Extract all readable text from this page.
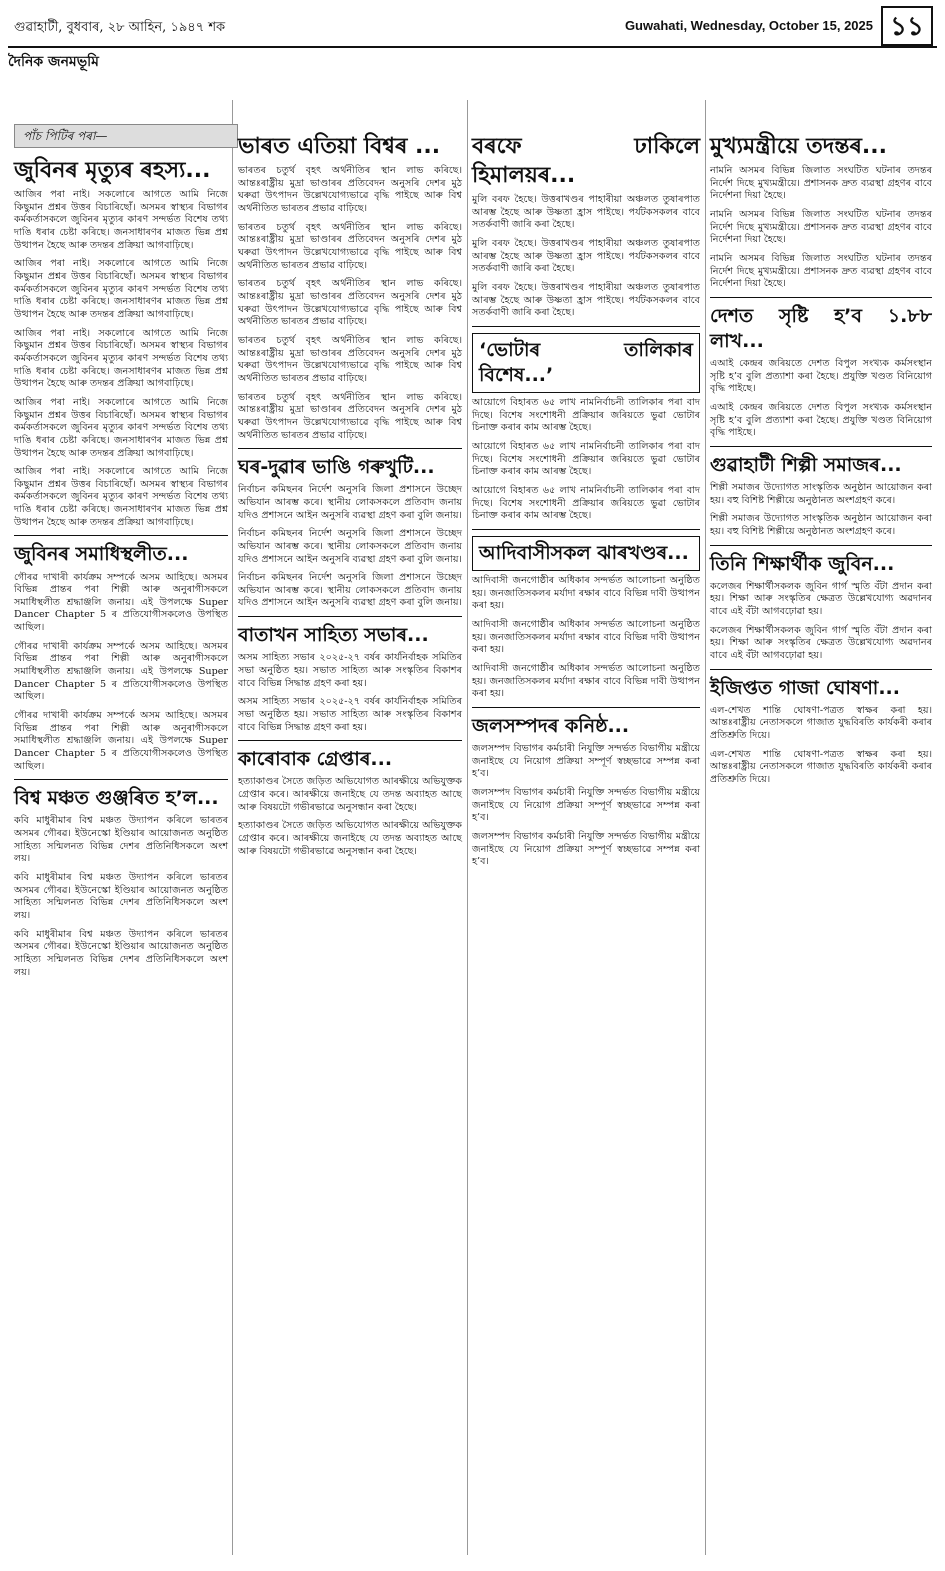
গুৱাহাটী, বুধবাৰ, ২৮ আহিন, ১৯৪৭ শক	Guwahati, Wednesday, October 15, 2025 ১১
দৈনিক জনমভূমি
পাঁচ পিটিৰ পৰা—
জুবিনৰ মৃত্যুৰ ৰহস্য...

আজিৰ পৰা নাই। সকলোৰে আগতে আমি নিজে কিছুমান প্ৰশ্নৰ উত্তৰ বিচাৰিছোঁ। অসমৰ স্বাস্থ্যৰ বিভাগৰ কৰ্মকৰ্তাসকলে জুবিনৰ মৃত্যুৰ কাৰণ সন্দৰ্ভত বিশেষ তথ্য দাঙি ধৰাৰ চেষ্টা কৰিছে। জনসাধাৰণৰ মাজত ভিন্ন প্ৰশ্ন উত্থাপন হৈছে আৰু তদন্তৰ প্ৰক্ৰিয়া আগবাঢ়িছে।

আজিৰ পৰা নাই। সকলোৰে আগতে আমি নিজে কিছুমান প্ৰশ্নৰ উত্তৰ বিচাৰিছোঁ। অসমৰ স্বাস্থ্যৰ বিভাগৰ কৰ্মকৰ্তাসকলে জুবিনৰ মৃত্যুৰ কাৰণ সন্দৰ্ভত বিশেষ তথ্য দাঙি ধৰাৰ চেষ্টা কৰিছে। জনসাধাৰণৰ মাজত ভিন্ন প্ৰশ্ন উত্থাপন হৈছে আৰু তদন্তৰ প্ৰক্ৰিয়া আগবাঢ়িছে।

আজিৰ পৰা নাই। সকলোৰে আগতে আমি নিজে কিছুমান প্ৰশ্নৰ উত্তৰ বিচাৰিছোঁ। অসমৰ স্বাস্থ্যৰ বিভাগৰ কৰ্মকৰ্তাসকলে জুবিনৰ মৃত্যুৰ কাৰণ সন্দৰ্ভত বিশেষ তথ্য দাঙি ধৰাৰ চেষ্টা কৰিছে। জনসাধাৰণৰ মাজত ভিন্ন প্ৰশ্ন উত্থাপন হৈছে আৰু তদন্তৰ প্ৰক্ৰিয়া আগবাঢ়িছে।

আজিৰ পৰা নাই। সকলোৰে আগতে আমি নিজে কিছুমান প্ৰশ্নৰ উত্তৰ বিচাৰিছোঁ। অসমৰ স্বাস্থ্যৰ বিভাগৰ কৰ্মকৰ্তাসকলে জুবিনৰ মৃত্যুৰ কাৰণ সন্দৰ্ভত বিশেষ তথ্য দাঙি ধৰাৰ চেষ্টা কৰিছে। জনসাধাৰণৰ মাজত ভিন্ন প্ৰশ্ন উত্থাপন হৈছে আৰু তদন্তৰ প্ৰক্ৰিয়া আগবাঢ়িছে।

আজিৰ পৰা নাই। সকলোৰে আগতে আমি নিজে কিছুমান প্ৰশ্নৰ উত্তৰ বিচাৰিছোঁ। অসমৰ স্বাস্থ্যৰ বিভাগৰ কৰ্মকৰ্তাসকলে জুবিনৰ মৃত্যুৰ কাৰণ সন্দৰ্ভত বিশেষ তথ্য দাঙি ধৰাৰ চেষ্টা কৰিছে। জনসাধাৰণৰ মাজত ভিন্ন প্ৰশ্ন উত্থাপন হৈছে আৰু তদন্তৰ প্ৰক্ৰিয়া আগবাঢ়িছে।

জুবিনৰ সমাধিস্থলীত...

গৌৰৱ দাখাৰী কাৰ্যক্ৰম সম্পৰ্কে অসম আহিছে। অসমৰ বিভিন্ন প্ৰান্তৰ পৰা শিল্পী আৰু অনুৰাগীসকলে সমাধিস্থলীত শ্ৰদ্ধাঞ্জলি জনায়। এই উপলক্ষে Super Dancer Chapter 5 ৰ প্ৰতিযোগীসকলেও উপস্থিত আছিল।

গৌৰৱ দাখাৰী কাৰ্যক্ৰম সম্পৰ্কে অসম আহিছে। অসমৰ বিভিন্ন প্ৰান্তৰ পৰা শিল্পী আৰু অনুৰাগীসকলে সমাধিস্থলীত শ্ৰদ্ধাঞ্জলি জনায়। এই উপলক্ষে Super Dancer Chapter 5 ৰ প্ৰতিযোগীসকলেও উপস্থিত আছিল।

গৌৰৱ দাখাৰী কাৰ্যক্ৰম সম্পৰ্কে অসম আহিছে। অসমৰ বিভিন্ন প্ৰান্তৰ পৰা শিল্পী আৰু অনুৰাগীসকলে সমাধিস্থলীত শ্ৰদ্ধাঞ্জলি জনায়। এই উপলক্ষে Super Dancer Chapter 5 ৰ প্ৰতিযোগীসকলেও উপস্থিত আছিল।

বিশ্ব মঞ্চত গুঞ্জৰিত হ’ল...

কবি মাধুৰীমাৰ বিশ্ব মঞ্চত উদ্যাপন কৰিলে ভাৰতৰ অসমৰ গৌৰৱ। ইউনেস্কো ইণ্ডিয়াৰ আয়োজনত অনুষ্ঠিত সাহিত্য সন্মিলনত বিভিন্ন দেশৰ প্ৰতিনিধিসকলে অংশ লয়।

কবি মাধুৰীমাৰ বিশ্ব মঞ্চত উদ্যাপন কৰিলে ভাৰতৰ অসমৰ গৌৰৱ। ইউনেস্কো ইণ্ডিয়াৰ আয়োজনত অনুষ্ঠিত সাহিত্য সন্মিলনত বিভিন্ন দেশৰ প্ৰতিনিধিসকলে অংশ লয়।

কবি মাধুৰীমাৰ বিশ্ব মঞ্চত উদ্যাপন কৰিলে ভাৰতৰ অসমৰ গৌৰৱ। ইউনেস্কো ইণ্ডিয়াৰ আয়োজনত অনুষ্ঠিত সাহিত্য সন্মিলনত বিভিন্ন দেশৰ প্ৰতিনিধিসকলে অংশ লয়।

ভাৰত এতিয়া বিশ্বৰ ...

ভাৰতৰ চতুৰ্থ বৃহৎ অৰ্থনীতিৰ স্থান লাভ কৰিছে। আন্তঃৰাষ্ট্ৰীয় মুদ্ৰা ভাণ্ডাৰৰ প্ৰতিবেদন অনুসৰি দেশৰ মুঠ ঘৰুৱা উৎপাদন উল্লেখযোগ্যভাৱে বৃদ্ধি পাইছে আৰু বিশ্ব অৰ্থনীতিত ভাৰতৰ প্ৰভাৱ বাঢ়িছে।

ভাৰতৰ চতুৰ্থ বৃহৎ অৰ্থনীতিৰ স্থান লাভ কৰিছে। আন্তঃৰাষ্ট্ৰীয় মুদ্ৰা ভাণ্ডাৰৰ প্ৰতিবেদন অনুসৰি দেশৰ মুঠ ঘৰুৱা উৎপাদন উল্লেখযোগ্যভাৱে বৃদ্ধি পাইছে আৰু বিশ্ব অৰ্থনীতিত ভাৰতৰ প্ৰভাৱ বাঢ়িছে।

ভাৰতৰ চতুৰ্থ বৃহৎ অৰ্থনীতিৰ স্থান লাভ কৰিছে। আন্তঃৰাষ্ট্ৰীয় মুদ্ৰা ভাণ্ডাৰৰ প্ৰতিবেদন অনুসৰি দেশৰ মুঠ ঘৰুৱা উৎপাদন উল্লেখযোগ্যভাৱে বৃদ্ধি পাইছে আৰু বিশ্ব অৰ্থনীতিত ভাৰতৰ প্ৰভাৱ বাঢ়িছে।

ভাৰতৰ চতুৰ্থ বৃহৎ অৰ্থনীতিৰ স্থান লাভ কৰিছে। আন্তঃৰাষ্ট্ৰীয় মুদ্ৰা ভাণ্ডাৰৰ প্ৰতিবেদন অনুসৰি দেশৰ মুঠ ঘৰুৱা উৎপাদন উল্লেখযোগ্যভাৱে বৃদ্ধি পাইছে আৰু বিশ্ব অৰ্থনীতিত ভাৰতৰ প্ৰভাৱ বাঢ়িছে।

ভাৰতৰ চতুৰ্থ বৃহৎ অৰ্থনীতিৰ স্থান লাভ কৰিছে। আন্তঃৰাষ্ট্ৰীয় মুদ্ৰা ভাণ্ডাৰৰ প্ৰতিবেদন অনুসৰি দেশৰ মুঠ ঘৰুৱা উৎপাদন উল্লেখযোগ্যভাৱে বৃদ্ধি পাইছে আৰু বিশ্ব অৰ্থনীতিত ভাৰতৰ প্ৰভাৱ বাঢ়িছে।

ঘৰ-দুৱাৰ ভাঙি গৰুখুটি...

নিৰ্বাচন কমিছনৰ নিৰ্দেশ অনুসৰি জিলা প্ৰশাসনে উচ্ছেদ অভিযান আৰম্ভ কৰে। স্থানীয় লোকসকলে প্ৰতিবাদ জনায় যদিও প্ৰশাসনে আইন অনুসৰি ব্যৱস্থা গ্ৰহণ কৰা বুলি জনায়।

নিৰ্বাচন কমিছনৰ নিৰ্দেশ অনুসৰি জিলা প্ৰশাসনে উচ্ছেদ অভিযান আৰম্ভ কৰে। স্থানীয় লোকসকলে প্ৰতিবাদ জনায় যদিও প্ৰশাসনে আইন অনুসৰি ব্যৱস্থা গ্ৰহণ কৰা বুলি জনায়।

নিৰ্বাচন কমিছনৰ নিৰ্দেশ অনুসৰি জিলা প্ৰশাসনে উচ্ছেদ অভিযান আৰম্ভ কৰে। স্থানীয় লোকসকলে প্ৰতিবাদ জনায় যদিও প্ৰশাসনে আইন অনুসৰি ব্যৱস্থা গ্ৰহণ কৰা বুলি জনায়।

বাতাখন সাহিত্য সভাৰ...

অসম সাহিত্য সভাৰ ২০২৫-২৭ বৰ্ষৰ কাৰ্যনিৰ্বাহক সমিতিৰ সভা অনুষ্ঠিত হয়। সভাত সাহিত্য আৰু সংস্কৃতিৰ বিকাশৰ বাবে বিভিন্ন সিদ্ধান্ত গ্ৰহণ কৰা হয়।

অসম সাহিত্য সভাৰ ২০২৫-২৭ বৰ্ষৰ কাৰ্যনিৰ্বাহক সমিতিৰ সভা অনুষ্ঠিত হয়। সভাত সাহিত্য আৰু সংস্কৃতিৰ বিকাশৰ বাবে বিভিন্ন সিদ্ধান্ত গ্ৰহণ কৰা হয়।

কাৰোবাক গ্ৰেপ্তাৰ...

হত্যাকাণ্ডৰ সৈতে জড়িত অভিযোগত আৰক্ষীয়ে অভিযুক্তক গ্ৰেপ্তাৰ কৰে। আৰক্ষীয়ে জনাইছে যে তদন্ত অব্যাহত আছে আৰু বিষয়টো গভীৰভাৱে অনুসন্ধান কৰা হৈছে।

হত্যাকাণ্ডৰ সৈতে জড়িত অভিযোগত আৰক্ষীয়ে অভিযুক্তক গ্ৰেপ্তাৰ কৰে। আৰক্ষীয়ে জনাইছে যে তদন্ত অব্যাহত আছে আৰু বিষয়টো গভীৰভাৱে অনুসন্ধান কৰা হৈছে।

বৰফে ঢাকিলে হিমালয়ৰ...

মুলি বৰফ হৈছে। উত্তৰাখণ্ডৰ পাহাৰীয়া অঞ্চলত তুষাৰপাত আৰম্ভ হৈছে আৰু উষ্ণতা হ্ৰাস পাইছে। পৰ্যটকসকলৰ বাবে সতৰ্কবাণী জাৰি কৰা হৈছে।

মুলি বৰফ হৈছে। উত্তৰাখণ্ডৰ পাহাৰীয়া অঞ্চলত তুষাৰপাত আৰম্ভ হৈছে আৰু উষ্ণতা হ্ৰাস পাইছে। পৰ্যটকসকলৰ বাবে সতৰ্কবাণী জাৰি কৰা হৈছে।

মুলি বৰফ হৈছে। উত্তৰাখণ্ডৰ পাহাৰীয়া অঞ্চলত তুষাৰপাত আৰম্ভ হৈছে আৰু উষ্ণতা হ্ৰাস পাইছে। পৰ্যটকসকলৰ বাবে সতৰ্কবাণী জাৰি কৰা হৈছে।

‘ভোটাৰ তালিকাৰ বিশেষ...’

আয়োগে বিহাৰত ৬৫ লাখ নামনিৰ্বাচনী তালিকাৰ পৰা বাদ দিছে। বিশেষ সংশোধনী প্ৰক্ৰিয়াৰ জৰিয়তে ভুৱা ভোটাৰ চিনাক্ত কৰাৰ কাম আৰম্ভ হৈছে।

আয়োগে বিহাৰত ৬৫ লাখ নামনিৰ্বাচনী তালিকাৰ পৰা বাদ দিছে। বিশেষ সংশোধনী প্ৰক্ৰিয়াৰ জৰিয়তে ভুৱা ভোটাৰ চিনাক্ত কৰাৰ কাম আৰম্ভ হৈছে।

আয়োগে বিহাৰত ৬৫ লাখ নামনিৰ্বাচনী তালিকাৰ পৰা বাদ দিছে। বিশেষ সংশোধনী প্ৰক্ৰিয়াৰ জৰিয়তে ভুৱা ভোটাৰ চিনাক্ত কৰাৰ কাম আৰম্ভ হৈছে।

আদিবাসীসকল ঝাৰখণ্ডৰ...

আদিবাসী জনগোষ্ঠীৰ অধিকাৰ সন্দৰ্ভত আলোচনা অনুষ্ঠিত হয়। জনজাতিসকলৰ মৰ্যাদা ৰক্ষাৰ বাবে বিভিন্ন দাবী উত্থাপন কৰা হয়।

আদিবাসী জনগোষ্ঠীৰ অধিকাৰ সন্দৰ্ভত আলোচনা অনুষ্ঠিত হয়। জনজাতিসকলৰ মৰ্যাদা ৰক্ষাৰ বাবে বিভিন্ন দাবী উত্থাপন কৰা হয়।

আদিবাসী জনগোষ্ঠীৰ অধিকাৰ সন্দৰ্ভত আলোচনা অনুষ্ঠিত হয়। জনজাতিসকলৰ মৰ্যাদা ৰক্ষাৰ বাবে বিভিন্ন দাবী উত্থাপন কৰা হয়।

জলসম্পদৰ কনিষ্ঠ...

জলসম্পদ বিভাগৰ কৰ্মচাৰী নিযুক্তি সন্দৰ্ভত বিভাগীয় মন্ত্ৰীয়ে জনাইছে যে নিয়োগ প্ৰক্ৰিয়া সম্পূৰ্ণ স্বচ্ছভাৱে সম্পন্ন কৰা হ’ব।

জলসম্পদ বিভাগৰ কৰ্মচাৰী নিযুক্তি সন্দৰ্ভত বিভাগীয় মন্ত্ৰীয়ে জনাইছে যে নিয়োগ প্ৰক্ৰিয়া সম্পূৰ্ণ স্বচ্ছভাৱে সম্পন্ন কৰা হ’ব।

জলসম্পদ বিভাগৰ কৰ্মচাৰী নিযুক্তি সন্দৰ্ভত বিভাগীয় মন্ত্ৰীয়ে জনাইছে যে নিয়োগ প্ৰক্ৰিয়া সম্পূৰ্ণ স্বচ্ছভাৱে সম্পন্ন কৰা হ’ব।

মুখ্যমন্ত্ৰীয়ে তদন্তৰ...

নামনি অসমৰ বিভিন্ন জিলাত সংঘটিত ঘটনাৰ তদন্তৰ নিৰ্দেশ দিছে মুখ্যমন্ত্ৰীয়ে। প্ৰশাসনক দ্ৰুত ব্যৱস্থা গ্ৰহণৰ বাবে নিৰ্দেশনা দিয়া হৈছে।

নামনি অসমৰ বিভিন্ন জিলাত সংঘটিত ঘটনাৰ তদন্তৰ নিৰ্দেশ দিছে মুখ্যমন্ত্ৰীয়ে। প্ৰশাসনক দ্ৰুত ব্যৱস্থা গ্ৰহণৰ বাবে নিৰ্দেশনা দিয়া হৈছে।

নামনি অসমৰ বিভিন্ন জিলাত সংঘটিত ঘটনাৰ তদন্তৰ নিৰ্দেশ দিছে মুখ্যমন্ত্ৰীয়ে। প্ৰশাসনক দ্ৰুত ব্যৱস্থা গ্ৰহণৰ বাবে নিৰ্দেশনা দিয়া হৈছে।

দেশত সৃষ্টি হ’ব ১.৮৮ লাখ...

এআই কেন্দ্ৰৰ জৰিয়তে দেশত বিপুল সংখ্যক কৰ্মসংস্থান সৃষ্টি হ’ব বুলি প্ৰত্যাশা কৰা হৈছে। প্ৰযুক্তি খণ্ডত বিনিয়োগ বৃদ্ধি পাইছে।

এআই কেন্দ্ৰৰ জৰিয়তে দেশত বিপুল সংখ্যক কৰ্মসংস্থান সৃষ্টি হ’ব বুলি প্ৰত্যাশা কৰা হৈছে। প্ৰযুক্তি খণ্ডত বিনিয়োগ বৃদ্ধি পাইছে।

গুৱাহাটী শিল্পী সমাজৰ...

শিল্পী সমাজৰ উদ্যোগত সাংস্কৃতিক অনুষ্ঠান আয়োজন কৰা হয়। বহু বিশিষ্ট শিল্পীয়ে অনুষ্ঠানত অংশগ্ৰহণ কৰে।

শিল্পী সমাজৰ উদ্যোগত সাংস্কৃতিক অনুষ্ঠান আয়োজন কৰা হয়। বহু বিশিষ্ট শিল্পীয়ে অনুষ্ঠানত অংশগ্ৰহণ কৰে।

তিনি শিক্ষাৰ্থীক জুবিন...

কলেজৰ শিক্ষাৰ্থীসকলক জুবিন গাৰ্গ স্মৃতি বঁটা প্ৰদান কৰা হয়। শিক্ষা আৰু সংস্কৃতিৰ ক্ষেত্ৰত উল্লেখযোগ্য অৱদানৰ বাবে এই বঁটা আগবঢ়োৱা হয়।

কলেজৰ শিক্ষাৰ্থীসকলক জুবিন গাৰ্গ স্মৃতি বঁটা প্ৰদান কৰা হয়। শিক্ষা আৰু সংস্কৃতিৰ ক্ষেত্ৰত উল্লেখযোগ্য অৱদানৰ বাবে এই বঁটা আগবঢ়োৱা হয়।

ইজিপ্তত গাজা ঘোষণা...

এল-শেখত শান্তি ঘোষণা-পত্ৰত স্বাক্ষৰ কৰা হয়। আন্তঃৰাষ্ট্ৰীয় নেতাসকলে গাজাত যুদ্ধবিৰতি কাৰ্যকৰী কৰাৰ প্ৰতিশ্ৰুতি দিয়ে।

এল-শেখত শান্তি ঘোষণা-পত্ৰত স্বাক্ষৰ কৰা হয়। আন্তঃৰাষ্ট্ৰীয় নেতাসকলে গাজাত যুদ্ধবিৰতি কাৰ্যকৰী কৰাৰ প্ৰতিশ্ৰুতি দিয়ে।
